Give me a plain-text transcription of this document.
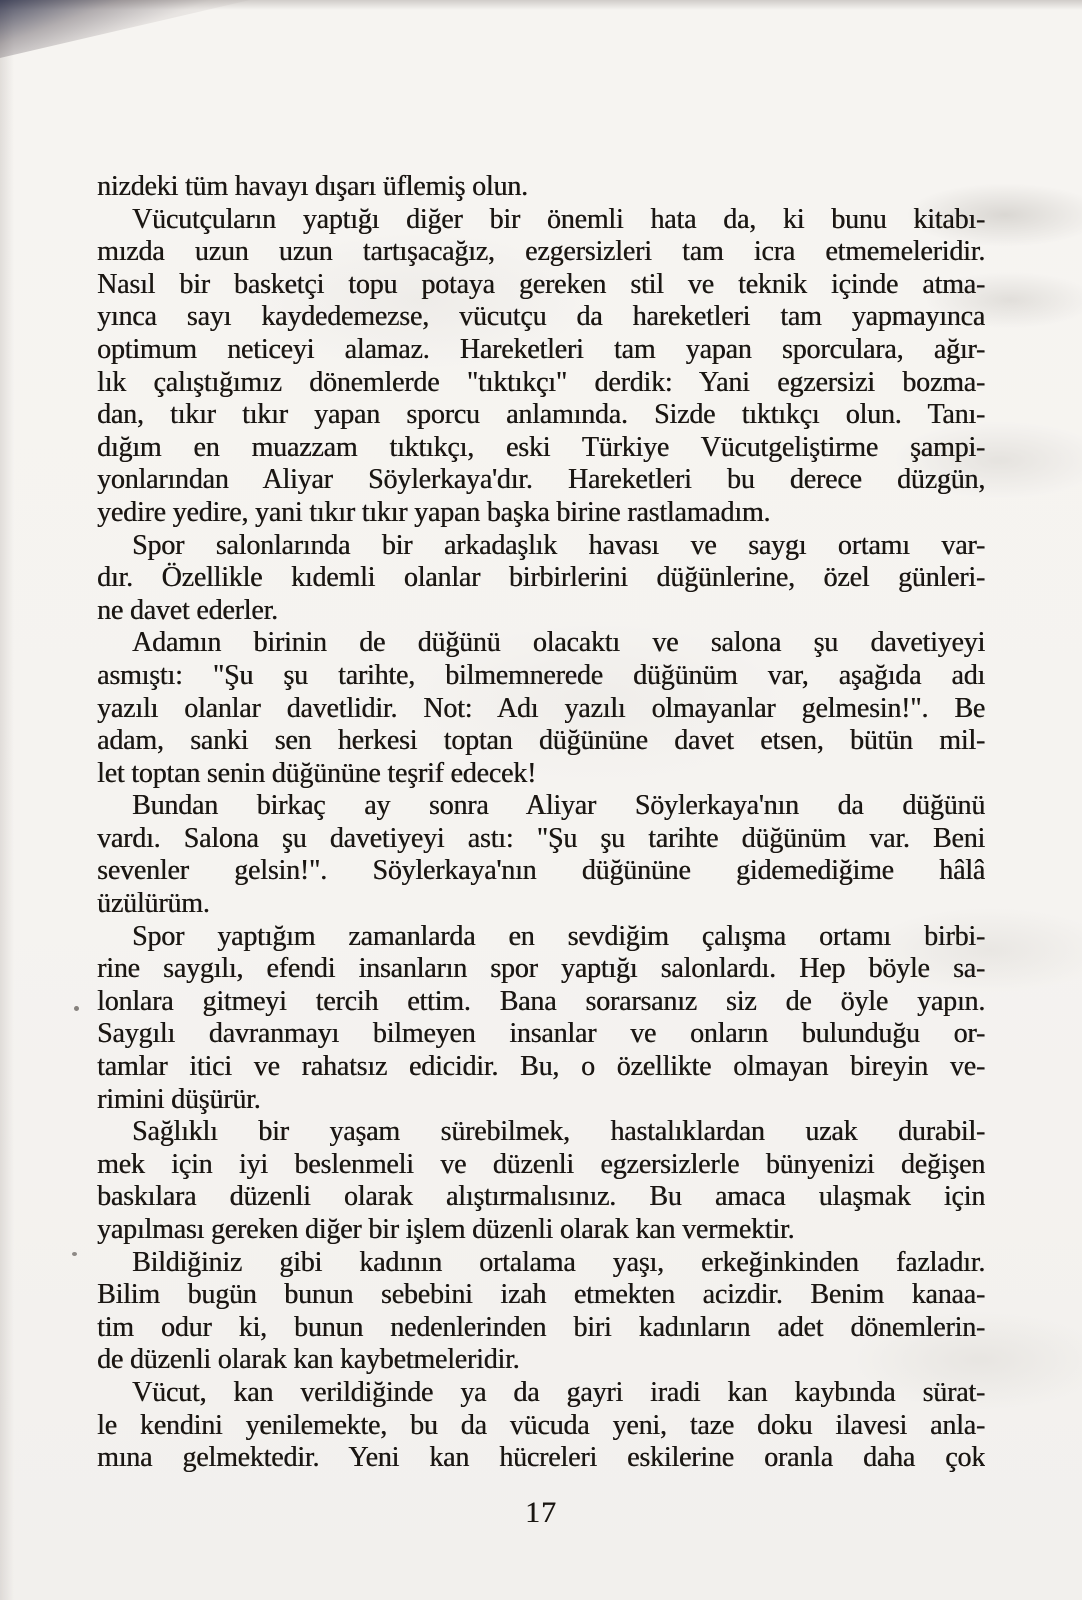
nizdeki tüm havayı dışarı üflemiş olun.
Vücutçuların yaptığı diğer bir önemli hata da, ki bunu kitabı-
mızda uzun uzun tartışacağız, ezgersizleri tam icra etmemeleridir.
Nasıl bir basketçi topu potaya gereken stil ve teknik içinde atma-
yınca sayı kaydedemezse, vücutçu da hareketleri tam yapmayınca
optimum neticeyi alamaz. Hareketleri tam yapan sporculara, ağır-
lık çalıştığımız dönemlerde "tıktıkçı" derdik: Yani egzersizi bozma-
dan, tıkır tıkır yapan sporcu anlamında. Sizde tıktıkçı olun. Tanı-
dığım en muazzam tıktıkçı, eski Türkiye Vücutgeliştirme şampi-
yonlarından Aliyar Söylerkaya'dır. Hareketleri bu derece düzgün,
yedire yedire, yani tıkır tıkır yapan başka birine rastlamadım.
Spor salonlarında bir arkadaşlık havası ve saygı ortamı var-
dır. Özellikle kıdemli olanlar birbirlerini düğünlerine, özel günleri-
ne davet ederler.
Adamın birinin de düğünü olacaktı ve salona şu davetiyeyi
asmıştı: "Şu şu tarihte, bilmemnerede düğünüm var, aşağıda adı
yazılı olanlar davetlidir. Not: Adı yazılı olmayanlar gelmesin!". Be
adam, sanki sen herkesi toptan düğününe davet etsen, bütün mil-
let toptan senin düğününe teşrif edecek!
Bundan birkaç ay sonra Aliyar Söylerkaya'nın da düğünü
vardı. Salona şu davetiyeyi astı: "Şu şu tarihte düğünüm var. Beni
sevenler gelsin!". Söylerkaya'nın düğününe gidemediğime hâlâ
üzülürüm.
Spor yaptığım zamanlarda en sevdiğim çalışma ortamı birbi-
rine saygılı, efendi insanların spor yaptığı salonlardı. Hep böyle sa-
lonlara gitmeyi tercih ettim. Bana sorarsanız siz de öyle yapın.
Saygılı davranmayı bilmeyen insanlar ve onların bulunduğu or-
tamlar itici ve rahatsız edicidir. Bu, o özellikte olmayan bireyin ve-
rimini düşürür.
Sağlıklı bir yaşam sürebilmek, hastalıklardan uzak durabil-
mek için iyi beslenmeli ve düzenli egzersizlerle bünyenizi değişen
baskılara düzenli olarak alıştırmalısınız. Bu amaca ulaşmak için
yapılması gereken diğer bir işlem düzenli olarak kan vermektir.
Bildiğiniz gibi kadının ortalama yaşı, erkeğinkinden fazladır.
Bilim bugün bunun sebebini izah etmekten acizdir. Benim kanaa-
tim odur ki, bunun nedenlerinden biri kadınların adet dönemlerin-
de düzenli olarak kan kaybetmeleridir.
Vücut, kan verildiğinde ya da gayri iradi kan kaybında sürat-
le kendini yenilemekte, bu da vücuda yeni, taze doku ilavesi anla-
mına gelmektedir. Yeni kan hücreleri eskilerine oranla daha çok
17
